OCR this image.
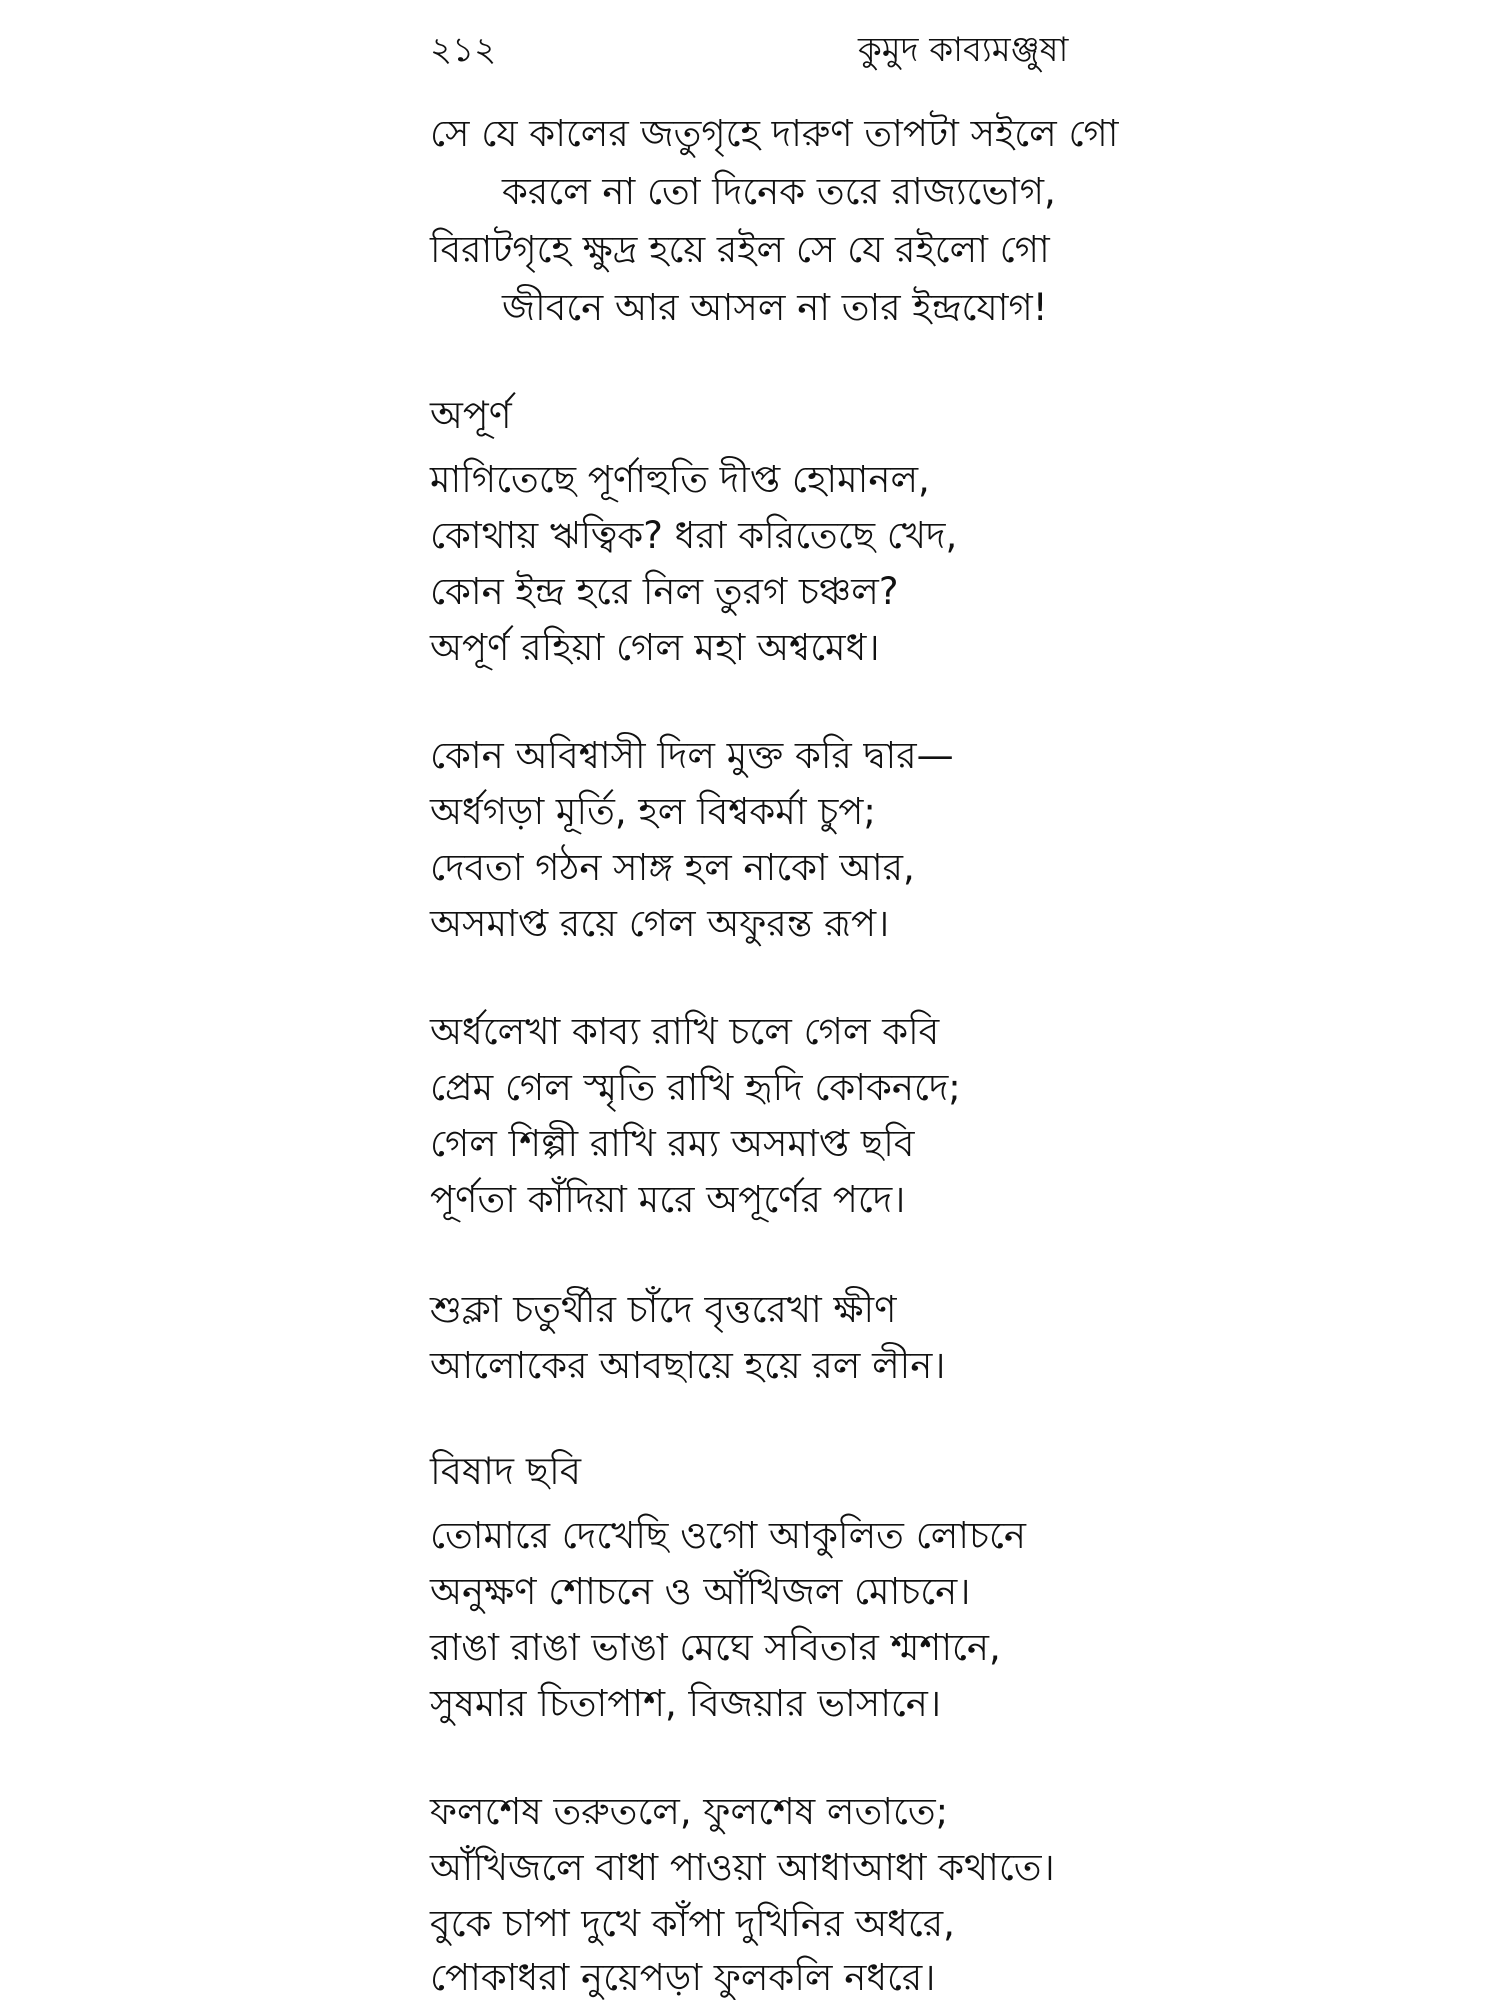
২১২	কুমুদ কাব্যমঞ্জুষা
সে যে কালের জতুগৃহে দারুণ তাপটা সইলে গো
করলে না তো দিনেক তরে রাজ্যভোগ,
বিরাটগৃহে ক্ষুদ্র হয়ে রইল সে যে রইলো গো
জীবনে আর আসল না তার ইন্দ্রযোগ!
অপূর্ণ
মাগিতেছে পূর্ণাহুতি দীপ্ত হোমানল,
কোথায় ঋত্বিক? ধরা করিতেছে খেদ,
কোন ইন্দ্র হরে নিল তুরগ চঞ্চল?
অপূর্ণ রহিয়া গেল মহা অশ্বমেধ।
কোন অবিশ্বাসী দিল মুক্ত করি দ্বার—
অর্ধগড়া মূর্তি, হল বিশ্বকর্মা চুপ;
দেবতা গঠন সাঙ্গ হল নাকো আর,
অসমাপ্ত রয়ে গেল অফুরন্ত রূপ।
অর্ধলেখা কাব্য রাখি চলে গেল কবি
প্রেম গেল স্মৃতি রাখি হৃদি কোকনদে;
গেল শিল্পী রাখি রম্য অসমাপ্ত ছবি
পূর্ণতা কাঁদিয়া মরে অপূর্ণের পদে।
শুক্লা চতুর্থীর চাঁদে বৃত্তরেখা ক্ষীণ
আলোকের আবছায়ে হয়ে রল লীন।
বিষাদ ছবি
তোমারে দেখেছি ওগো আকুলিত লোচনে
অনুক্ষণ শোচনে ও আঁখিজল মোচনে।
রাঙা রাঙা ভাঙা মেঘে সবিতার শ্মশানে,
সুষমার চিতাপাশ, বিজয়ার ভাসানে।
ফলশেষ তরুতলে, ফুলশেষ লতাতে;
আঁখিজলে বাধা পাওয়া আধাআধা কথাতে।
বুকে চাপা দুখে কাঁপা দুখিনির অধরে,
পোকাধরা নুয়েপড়া ফুলকলি নধরে।
